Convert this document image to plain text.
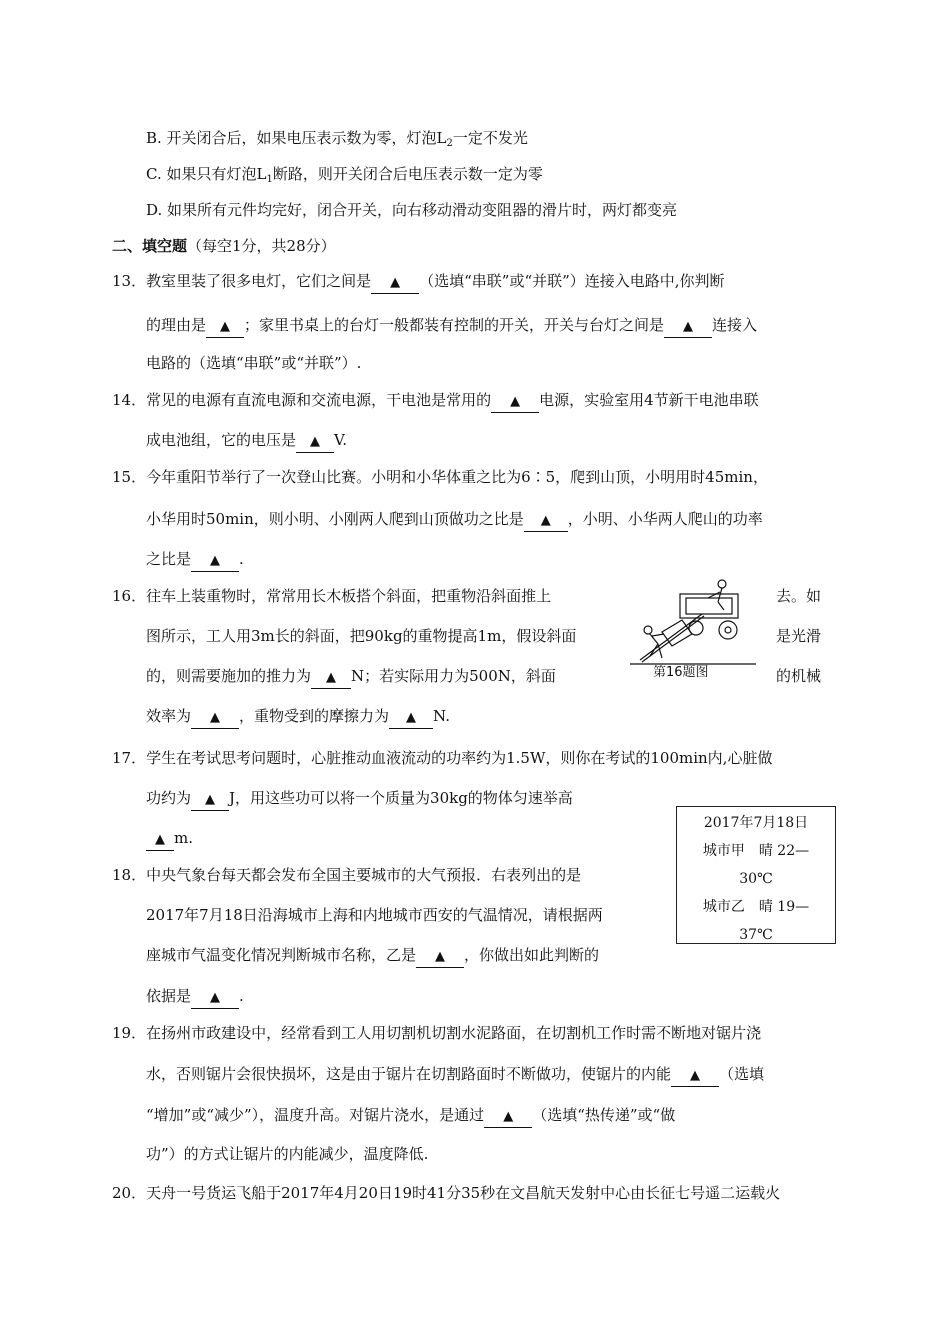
B. 开关闭合后，如果电压表示数为零，灯泡$L_2$一定不发光
C. 如果只有灯泡$L_1$断路，则开关闭合后电压表示数一定为零
D. 如果所有元件均完好，闭合开关，向右移动滑动变阻器的滑片时，两灯都变亮
二、填空题（每空1分，共28分）
13．教室里装了很多电灯，它们之间是 ▲ （选填“串联”或“并联”）连接入电路中,你判断
的理由是 ▲ ；家里书桌上的台灯一般都装有控制的开关，开关与台灯之间是 ▲ 连接入
电路的（选填“串联”或“并联”）.
14．常见的电源有直流电源和交流电源，干电池是常用的 ▲ 电源，实验室用4节新干电池串联
成电池组，它的电压是 ▲ V.
15．今年重阳节举行了一次登山比赛。小明和小华体重之比为6∶5，爬到山顶，小明用时45min，
小华用时50min，则小明、小刚两人爬到山顶做功之比是 ▲ ，小明、小华两人爬山的功率
之比是 ▲ .
16．往车上装重物时，常常用长木板搭个斜面，把重物沿斜面推上	去。如
图所示，工人用3m长的斜面，把90kg的重物提高1m，假设斜面	是光滑
的，则需要施加的推力为 ▲ N；若实际用力为500N，斜面	的机械
效率为 ▲ ，重物受到的摩擦力为 ▲ N.
第16题图
17．学生在考试思考问题时，心脏推动血液流动的功率约为1.5W，则你在考试的100min内,心脏做
功约为 ▲ J，用这些功可以将一个质量为30kg的物体匀速举高
▲ m.
2017年7月18日
城市甲　晴 22—
30℃
城市乙　晴 19—
37℃
18．中央气象台每天都会发布全国主要城市的大气预报．右表列出的是
2017年7月18日沿海城市上海和内地城市西安的气温情况，请根据两
座城市气温变化情况判断城市名称，乙是 ▲ ，你做出如此判断的
依据是 ▲ .
19．在扬州市政建设中，经常看到工人用切割机切割水泥路面，在切割机工作时需不断地对锯片浇
水，否则锯片会很快损坏，这是由于锯片在切割路面时不断做功，使锯片的内能 ▲ （选填
“增加”或“减少”），温度升高。对锯片浇水，是通过 ▲ （选填“热传递”或“做
功”）的方式让锯片的内能减少，温度降低.
20．天舟一号货运飞船于2017年4月20日19时41分35秒在文昌航天发射中心由长征七号遥二运载火
